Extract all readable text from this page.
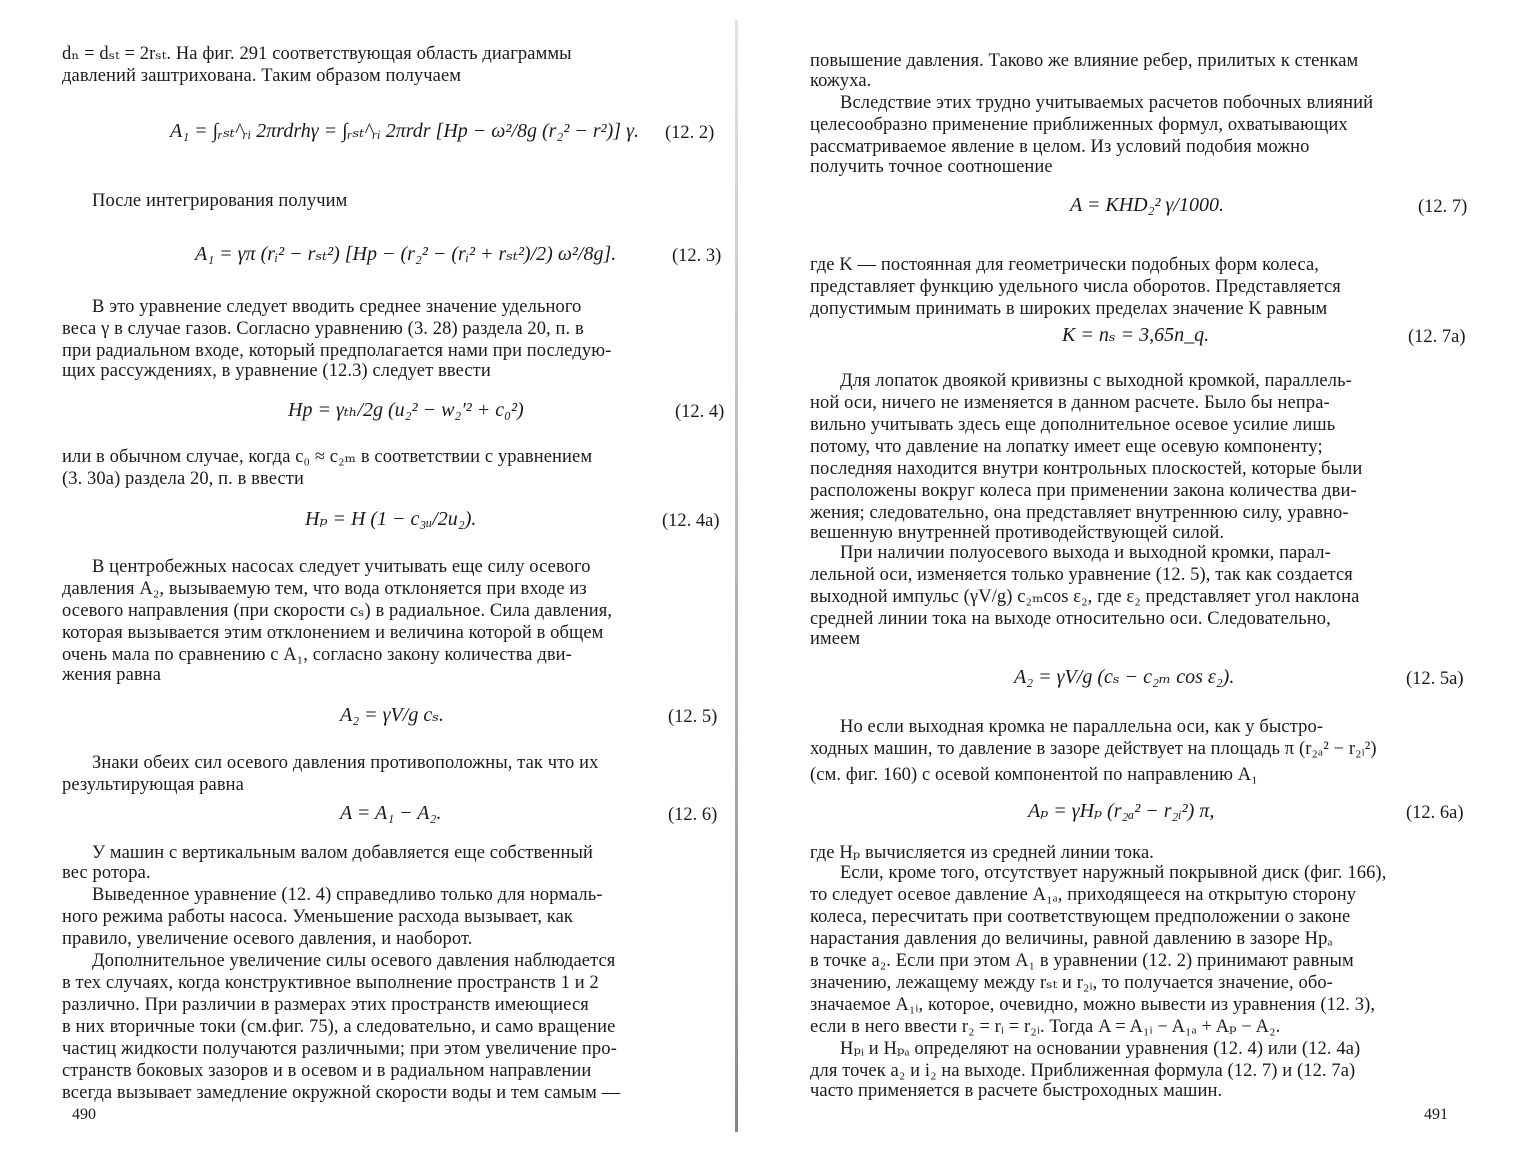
dₙ = dₛₜ = 2rₛₜ. На фиг. 291 соответствующая область диаграммы
давлений заштрихована. Таким образом получаем
A₁ = ∫ᵣₛₜ^ᵣᵢ 2πrdrhγ = ∫ᵣₛₜ^ᵣᵢ 2πrdr [Hp − ω²/8g (r₂² − r²)] γ. (12. 2)
После интегрирования получим
A₁ = γπ (rᵢ² − rₛₜ²) [Hp − (r₂² − (rᵢ² + rₛₜ²)/2) ω²/8g].	(12. 3)
В это уравнение следует вводить среднее значение удельного
веса γ в случае газов. Согласно уравнению (3. 28) раздела 20, п. в
при радиальном входе, который предполагается нами при последую-
щих рассуждениях, в уравнение (12.3) следует ввести
Hp = γₜₕ/2g (u₂² − w₂′² + c₀²)	(12. 4)
или в обычном случае, когда c₀ ≈ c₂ₘ в соответствии с уравнением
(3. 30а) раздела 20, п. в ввести
Hₚ = H (1 − c₃ᵤ/2u₂).	(12. 4а)
В центробежных насосах следует учитывать еще силу осевого
давления A₂, вызываемую тем, что вода отклоняется при входе из
осевого направления (при скорости cₛ) в радиальное. Сила давления,
которая вызывается этим отклонением и величина которой в общем
очень мала по сравнению с A₁, согласно закону количества дви-
жения равна
A₂ = γV/g cₛ.	(12. 5)
Знаки обеих сил осевого давления противоположны, так что их
результирующая равна
A = A₁ − A₂.	(12. 6)
У машин с вертикальным валом добавляется еще собственный
вес ротора.
Выведенное уравнение (12. 4) справедливо только для нормаль-
ного режима работы насоса. Уменьшение расхода вызывает, как
правило, увеличение осевого давления, и наоборот.
Дополнительное увеличение силы осевого давления наблюдается
в тех случаях, когда конструктивное выполнение пространств 1 и 2
различно. При различии в размерах этих пространств имеющиеся
в них вторичные токи (см.фиг. 75), а следовательно, и само вращение
частиц жидкости получаются различными; при этом увеличение про-
странств боковых зазоров и в осевом и в радиальном направлении
всегда вызывает замедление окружной скорости воды и тем самым —
490
повышение давления. Таково же влияние ребер, прилитых к стенкам
кожуха.
Вследствие этих трудно учитываемых расчетов побочных влияний
целесообразно применение приближенных формул, охватывающих
рассматриваемое явление в целом. Из условий подобия можно
получить точное соотношение
A = KHD₂² γ/1000.	(12. 7)
где K — постоянная для геометрически подобных форм колеса,
представляет функцию удельного числа оборотов. Представляется
допустимым принимать в широких пределах значение K равным
K = nₛ = 3,65n_q.	(12. 7а)
Для лопаток двоякой кривизны с выходной кромкой, параллель-
ной оси, ничего не изменяется в данном расчете. Было бы непра-
вильно учитывать здесь еще дополнительное осевое усилие лишь
потому, что давление на лопатку имеет еще осевую компоненту;
последняя находится внутри контрольных плоскостей, которые были
расположены вокруг колеса при применении закона количества дви-
жения; следовательно, она представляет внутреннюю силу, уравно-
вешенную внутренней противодействующей силой.
При наличии полуосевого выхода и выходной кромки, парал-
лельной оси, изменяется только уравнение (12. 5), так как создается
выходной импульс (γV/g) c₂ₘcos ε₂, где ε₂ представляет угол наклона
средней линии тока на выходе относительно оси. Следовательно,
имеем
A₂ = γV/g (cₛ − c₂ₘ cos ε₂).	(12. 5а)
Но если выходная кромка не параллельна оси, как у быстро-
ходных машин, то давление в зазоре действует на площадь π (r₂ₐ² − r₂ᵢ²)
(см. фиг. 160) с осевой компонентой по направлению A₁
Aₚ = γHₚ (r₂ₐ² − r₂ᵢ²) π,	(12. 6а)
где Hₚ вычисляется из средней линии тока.
Если, кроме того, отсутствует наружный покрывной диск (фиг. 166),
то следует осевое давление A₁ₐ, приходящееся на открытую сторону
колеса, пересчитать при соответствующем предположении о законе
нарастания давления до величины, равной давлению в зазоре Hpₐ
в точке a₂. Если при этом A₁ в уравнении (12. 2) принимают равным
значению, лежащему между rₛₜ и r₂ᵢ, то получается значение, обо-
значаемое A₁ᵢ, которое, очевидно, можно вывести из уравнения (12. 3),
если в него ввести r₂ = rᵢ = r₂ᵢ. Тогда A = A₁ᵢ − A₁ₐ + Aₚ − A₂.
Hₚᵢ и Hₚₐ определяют на основании уравнения (12. 4) или (12. 4а)
для точек a₂ и i₂ на выходе. Приближенная формула (12. 7) и (12. 7а)
часто применяется в расчете быстроходных машин.
491
